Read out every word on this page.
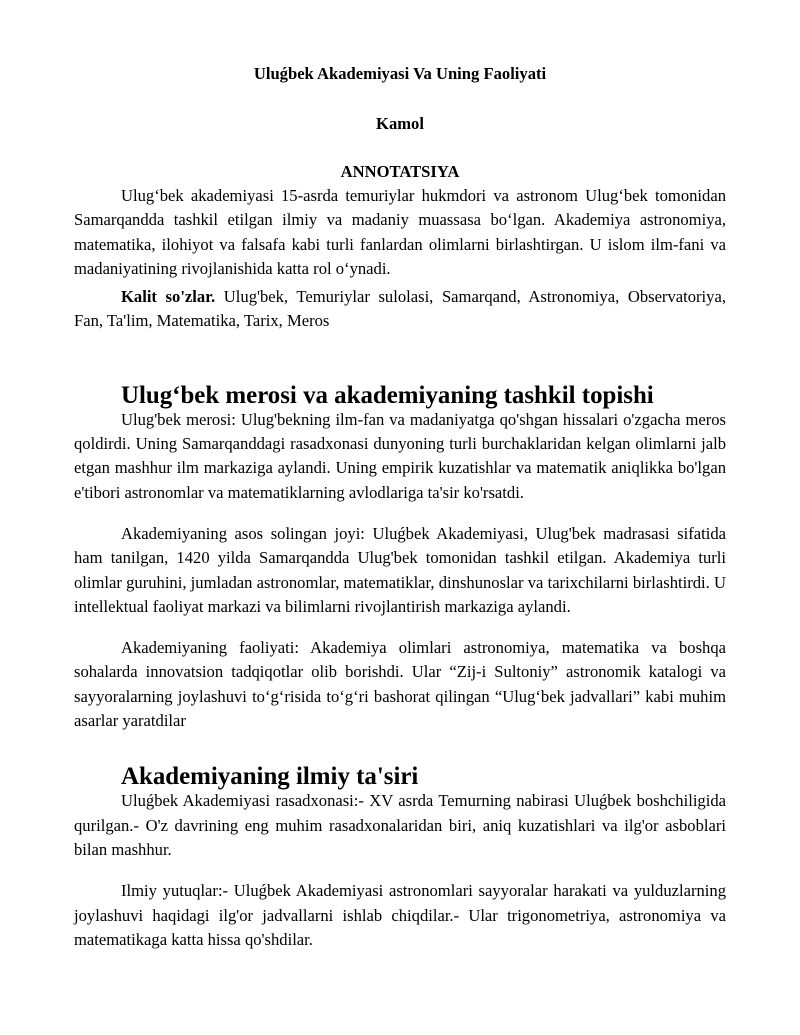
Uluǵbek Akademiyasi Va Uning Faoliyati
Kamol
ANNOTATSIYA

Ulug‘bek akademiyasi 15-asrda temuriylar hukmdori va astronom Ulug‘bek tomonidan Samarqandda tashkil etilgan ilmiy va madaniy muassasa bo‘lgan. Akademiya astronomiya, matematika, ilohiyot va falsafa kabi turli fanlardan olimlarni birlashtirgan. U islom ilm-fani va madaniyatining rivojlanishida katta rol o‘ynadi.

Kalit so'zlar. Ulug'bek, Temuriylar sulolasi, Samarqand, Astronomiya, Observatoriya, Fan, Ta'lim, Matematika, Tarix, Meros

Ulug‘bek merosi va akademiyaning tashkil topishi

Ulug'bek merosi: Ulug'bekning ilm-fan va madaniyatga qo'shgan hissalari o'zgacha meros qoldirdi. Uning Samarqanddagi rasadxonasi dunyoning turli burchaklaridan kelgan olimlarni jalb etgan mashhur ilm markaziga aylandi. Uning empirik kuzatishlar va matematik aniqlikka bo'lgan e'tibori astronomlar va matematiklarning avlodlariga ta'sir ko'rsatdi.

Akademiyaning asos solingan joyi: Uluǵbek Akademiyasi, Ulug'bek madrasasi sifatida ham tanilgan, 1420 yilda Samarqandda Ulug'bek tomonidan tashkil etilgan. Akademiya turli olimlar guruhini, jumladan astronomlar, matematiklar, dinshunoslar va tarixchilarni birlashtirdi. U intellektual faoliyat markazi va bilimlarni rivojlantirish markaziga aylandi.

Akademiyaning faoliyati: Akademiya olimlari astronomiya, matematika va boshqa sohalarda innovatsion tadqiqotlar olib borishdi. Ular “Zij-i Sultoniy” astronomik katalogi va sayyoralarning joylashuvi to‘g‘risida to‘g‘ri bashorat qilingan “Ulug‘bek jadvallari” kabi muhim asarlar yaratdilar

Akademiyaning ilmiy ta'siri

Uluǵbek Akademiyasi rasadxonasi:- XV asrda Temurning nabirasi Uluǵbek boshchiligida qurilgan.- O'z davrining eng muhim rasadxonalaridan biri, aniq kuzatishlari va ilg'or asboblari bilan mashhur.

Ilmiy yutuqlar:- Uluǵbek Akademiyasi astronomlari sayyoralar harakati va yulduzlarning joylashuvi haqidagi ilg'or jadvallarni ishlab chiqdilar.- Ular trigonometriya, astronomiya va matematikaga katta hissa qo'shdilar.
